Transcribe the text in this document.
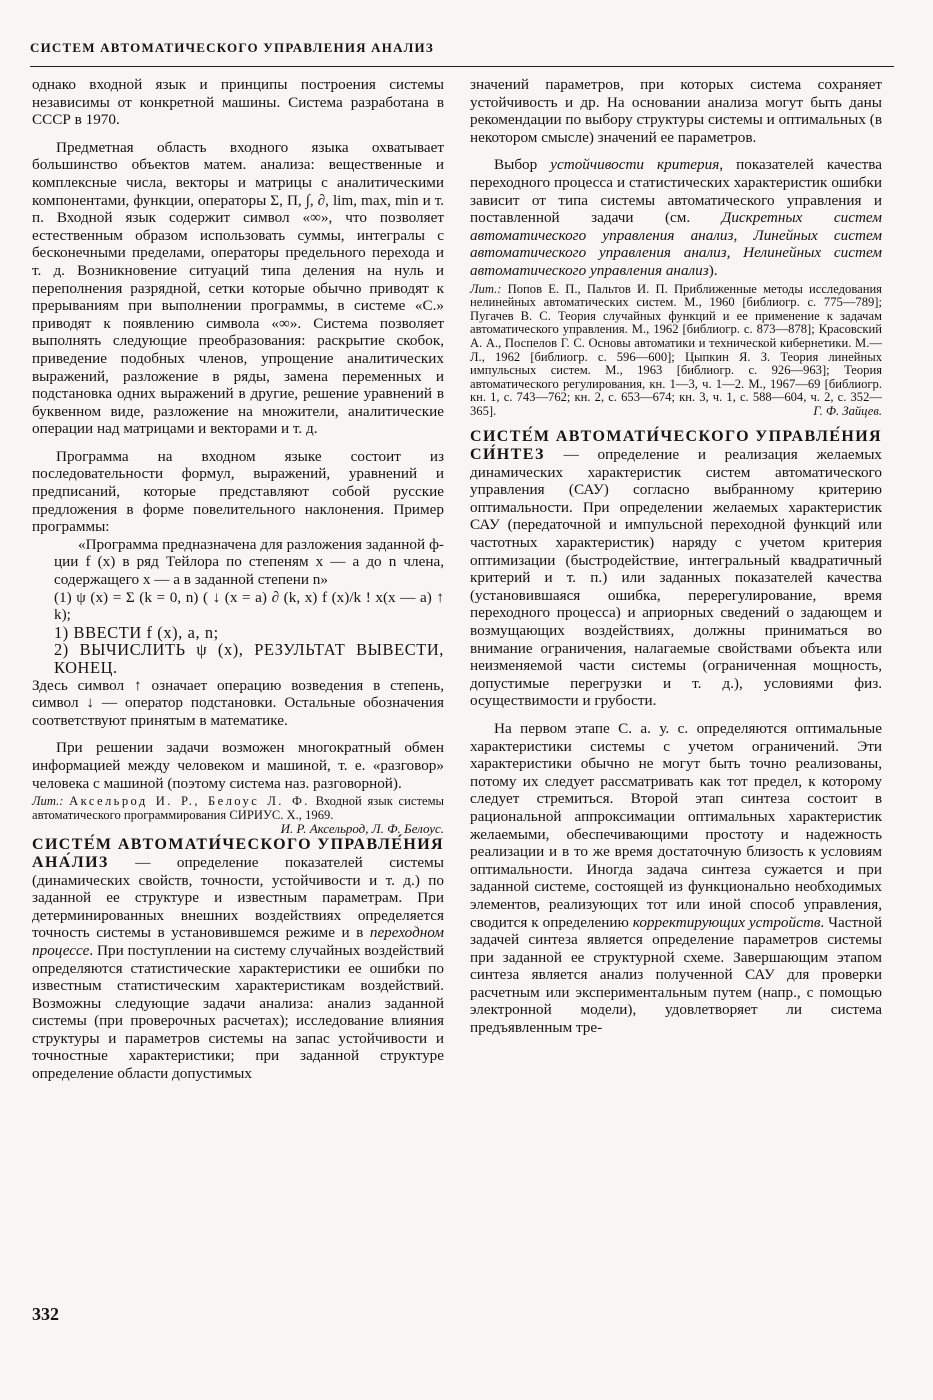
СИСТЕМ АВТОМАТИЧЕСКОГО УПРАВЛЕНИЯ АНАЛИЗ

однако входной язык и принципы построения системы независимы от конкретной машины. Система разработана в СССР в 1970.

Предметная область входного языка охватывает большинство объектов матем. анализа: вещественные и комплексные числа, векторы и матрицы с аналитическими компонентами, функции, операторы Σ, Π, ∫, ∂, lim, max, min и т. п. Входной язык содержит символ «∞», что позволяет естественным образом использовать суммы, интегралы с бесконечными пределами, операторы предельного перехода и т. д. Возникновение ситуаций типа деления на нуль и переполнения разрядной, сетки которые обычно приводят к прерываниям при выполнении программы, в системе «С.» приводят к появлению символа «∞». Система позволяет выполнять следующие преобразования: раскрытие скобок, приведение подобных членов, упрощение аналитических выражений, разложение в ряды, замена переменных и подстановка одних выражений в другие, решение уравнений в буквенном виде, разложение на множители, аналитические операции над матрицами и векторами и т. д.

Программа на входном языке состоит из последовательности формул, выражений, уравнений и предписаний, которые представляют собой русские предложения в форме повелительного наклонения. Пример программы:

«Программа предназначена для разложения заданной ф-ции f (x) в ряд Тейлора по степеням x — a до n члена, содержащего x — a в заданной степени n»
(1) ψ (x) = Σ (k = 0, n) ( ↓ (x = a) ∂ (k, x) f (x)/k ! x(x — a) ↑ k);
1) ВВЕСТИ f (x), a, n;
2) ВЫЧИСЛИТЬ ψ (x), РЕЗУЛЬТАТ ВЫВЕСТИ, КОНЕЦ.

Здесь символ ↑ означает операцию возведения в степень, символ ↓ — оператор подстановки. Остальные обозначения соответствуют принятым в математике.

При решении задачи возможен многократный обмен информацией между человеком и машиной, т. е. «разговор» человека с машиной (поэтому система наз. разговорной).

Лит.: Аксельрод И. Р., Белоус Л. Ф. Входной язык системы автоматического программирования СИРИУС. Х., 1969.

И. Р. Аксельрод, Л. Ф. Белоус.

СИСТЕ́М АВТОМАТИ́ЧЕСКОГО УПРАВЛЕ́НИЯ АНА́ЛИЗ — определение показателей системы (динамических свойств, точности, устойчивости и т. д.) по заданной ее структуре и известным параметрам. При детерминированных внешних воздействиях определяется точность системы в установившемся режиме и в переходном процессе. При поступлении на систему случайных воздействий определяются статистические характеристики ее ошибки по известным статистическим характеристикам воздействий. Возможны следующие задачи анализа: анализ заданной системы (при проверочных расчетах); исследование влияния структуры и параметров системы на запас устойчивости и точностные характеристики; при заданной структуре определение области допустимых

значений параметров, при которых система сохраняет устойчивость и др. На основании анализа могут быть даны рекомендации по выбору структуры системы и оптимальных (в некотором смысле) значений ее параметров.

Выбор устойчивости критерия, показателей качества переходного процесса и статистических характеристик ошибки зависит от типа системы автоматического управления и поставленной задачи (см. Дискретных систем автоматического управления анализ, Линейных систем автоматического управления анализ, Нелинейных систем автоматического управления анализ).

Лит.: Попов Е. П., Пальтов И. П. Приближенные методы исследования нелинейных автоматических систем. М., 1960 [библиогр. с. 775—789]; Пугачев В. С. Теория случайных функций и ее применение к задачам автоматического управления. М., 1962 [библиогр. с. 873—878]; Красовский А. А., Поспелов Г. С. Основы автоматики и технической кибернетики. М.— Л., 1962 [библиогр. с. 596—600]; Цыпкин Я. З. Теория линейных импульсных систем. М., 1963 [библиогр. с. 926—963]; Теория автоматического регулирования, кн. 1—3, ч. 1—2. М., 1967—69 [библиогр. кн. 1, с. 743—762; кн. 2, с. 653—674; кн. 3, ч. 1, с. 588—604, ч. 2, с. 352—365].	Г. Ф. Зайцев.

СИСТЕ́М АВТОМАТИ́ЧЕСКОГО УПРАВЛЕ́НИЯ СИ́НТЕЗ — определение и реализация желаемых динамических характеристик систем автоматического управления (САУ) согласно выбранному критерию оптимальности. При определении желаемых характеристик САУ (передаточной и импульсной переходной функций или частотных характеристик) наряду с учетом критерия оптимизации (быстродействие, интегральный квадратичный критерий и т. п.) или заданных показателей качества (установившаяся ошибка, перерегулирование, время переходного процесса) и априорных сведений о задающем и возмущающих воздействиях, должны приниматься во внимание ограничения, налагаемые свойствами объекта или неизменяемой части системы (ограниченная мощность, допустимые перегрузки и т. д.), условиями физ. осуществимости и грубости.

На первом этапе С. а. у. с. определяются оптимальные характеристики системы с учетом ограничений. Эти характеристики обычно не могут быть точно реализованы, потому их следует рассматривать как тот предел, к которому следует стремиться. Второй этап синтеза состоит в рациональной аппроксимации оптимальных характеристик желаемыми, обеспечивающими простоту и надежность реализации и в то же время достаточную близость к условиям оптимальности. Иногда задача синтеза сужается и при заданной системе, состоящей из функционально необходимых элементов, реализующих тот или иной способ управления, сводится к определению корректирующих устройств. Частной задачей синтеза является определение параметров системы при заданной ее структурной схеме. Завершающим этапом синтеза является анализ полученной САУ для проверки расчетным или экспериментальным путем (напр., с помощью электронной модели), удовлетворяет ли система предъявленным тре-

332
